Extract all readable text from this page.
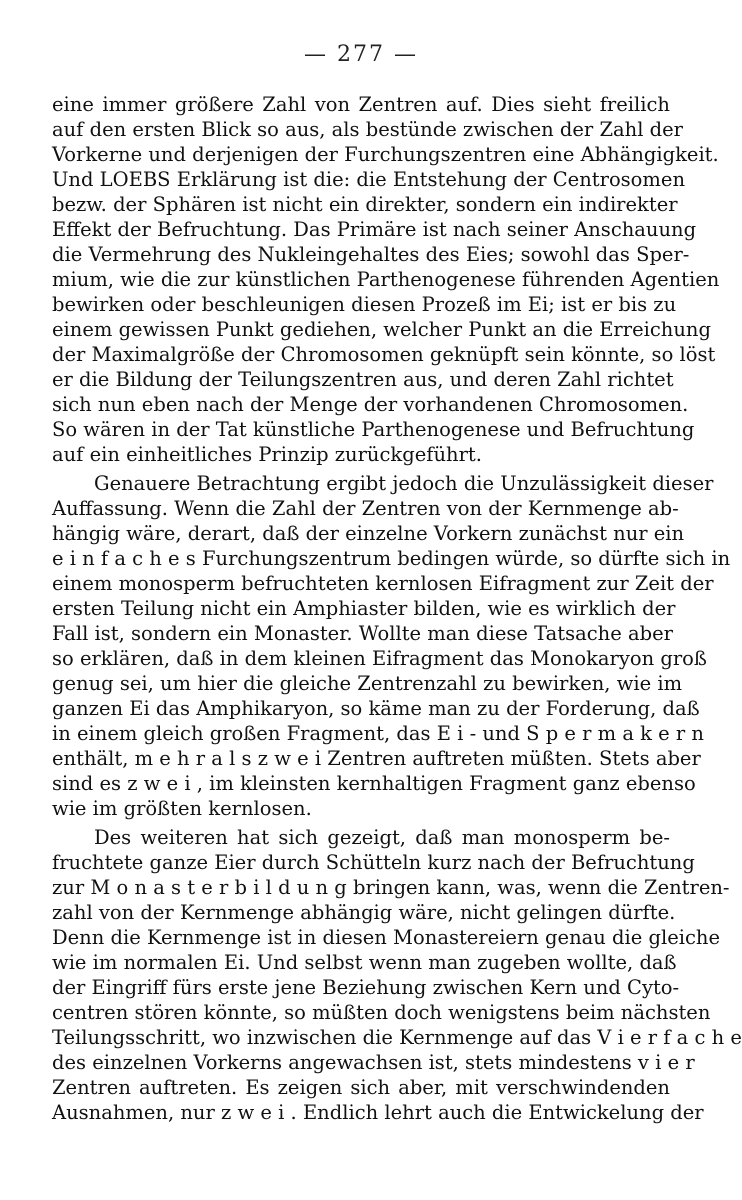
— 277 —
eine immer größere Zahl von Zentren auf. Dies sieht freilich
auf den ersten Blick so aus, als bestünde zwischen der Zahl der
Vorkerne und derjenigen der Furchungszentren eine Abhängigkeit.
Und LOEBS Erklärung ist die: die Entstehung der Centrosomen
bezw. der Sphären ist nicht ein direkter, sondern ein indirekter
Effekt der Befruchtung. Das Primäre ist nach seiner Anschauung
die Vermehrung des Nukleingehaltes des Eies; sowohl das Sper-
mium, wie die zur künstlichen Parthenogenese führenden Agentien
bewirken oder beschleunigen diesen Prozeß im Ei; ist er bis zu
einem gewissen Punkt gediehen, welcher Punkt an die Erreichung
der Maximalgröße der Chromosomen geknüpft sein könnte, so löst
er die Bildung der Teilungszentren aus, und deren Zahl richtet
sich nun eben nach der Menge der vorhandenen Chromosomen.
So wären in der Tat künstliche Parthenogenese und Befruchtung
auf ein einheitliches Prinzip zurückgeführt.
Genauere Betrachtung ergibt jedoch die Unzulässigkeit dieser
Auffassung. Wenn die Zahl der Zentren von der Kernmenge ab-
hängig wäre, derart, daß der einzelne Vorkern zunächst nur ein
e i n f a c h e s Furchungszentrum bedingen würde, so dürfte sich in
einem monosperm befruchteten kernlosen Eifragment zur Zeit der
ersten Teilung nicht ein Amphiaster bilden, wie es wirklich der
Fall ist, sondern ein Monaster. Wollte man diese Tatsache aber
so erklären, daß in dem kleinen Eifragment das Monokaryon groß
genug sei, um hier die gleiche Zentrenzahl zu bewirken, wie im
ganzen Ei das Amphikaryon, so käme man zu der Forderung, daß
in einem gleich großen Fragment, das E i - und S p e r m a k e r n
enthält, m e h r a l s z w e i Zentren auftreten müßten. Stets aber
sind es z w e i , im kleinsten kernhaltigen Fragment ganz ebenso
wie im größten kernlosen.
Des weiteren hat sich gezeigt, daß man monosperm be-
fruchtete ganze Eier durch Schütteln kurz nach der Befruchtung
zur M o n a s t e r b i l d u n g bringen kann, was, wenn die Zentren-
zahl von der Kernmenge abhängig wäre, nicht gelingen dürfte.
Denn die Kernmenge ist in diesen Monastereiern genau die gleiche
wie im normalen Ei. Und selbst wenn man zugeben wollte, daß
der Eingriff fürs erste jene Beziehung zwischen Kern und Cyto-
centren stören könnte, so müßten doch wenigstens beim nächsten
Teilungsschritt, wo inzwischen die Kernmenge auf das V i e r f a c h e
des einzelnen Vorkerns angewachsen ist, stets mindestens v i e r
Zentren auftreten. Es zeigen sich aber, mit verschwindenden
Ausnahmen, nur z w e i . Endlich lehrt auch die Entwickelung der
